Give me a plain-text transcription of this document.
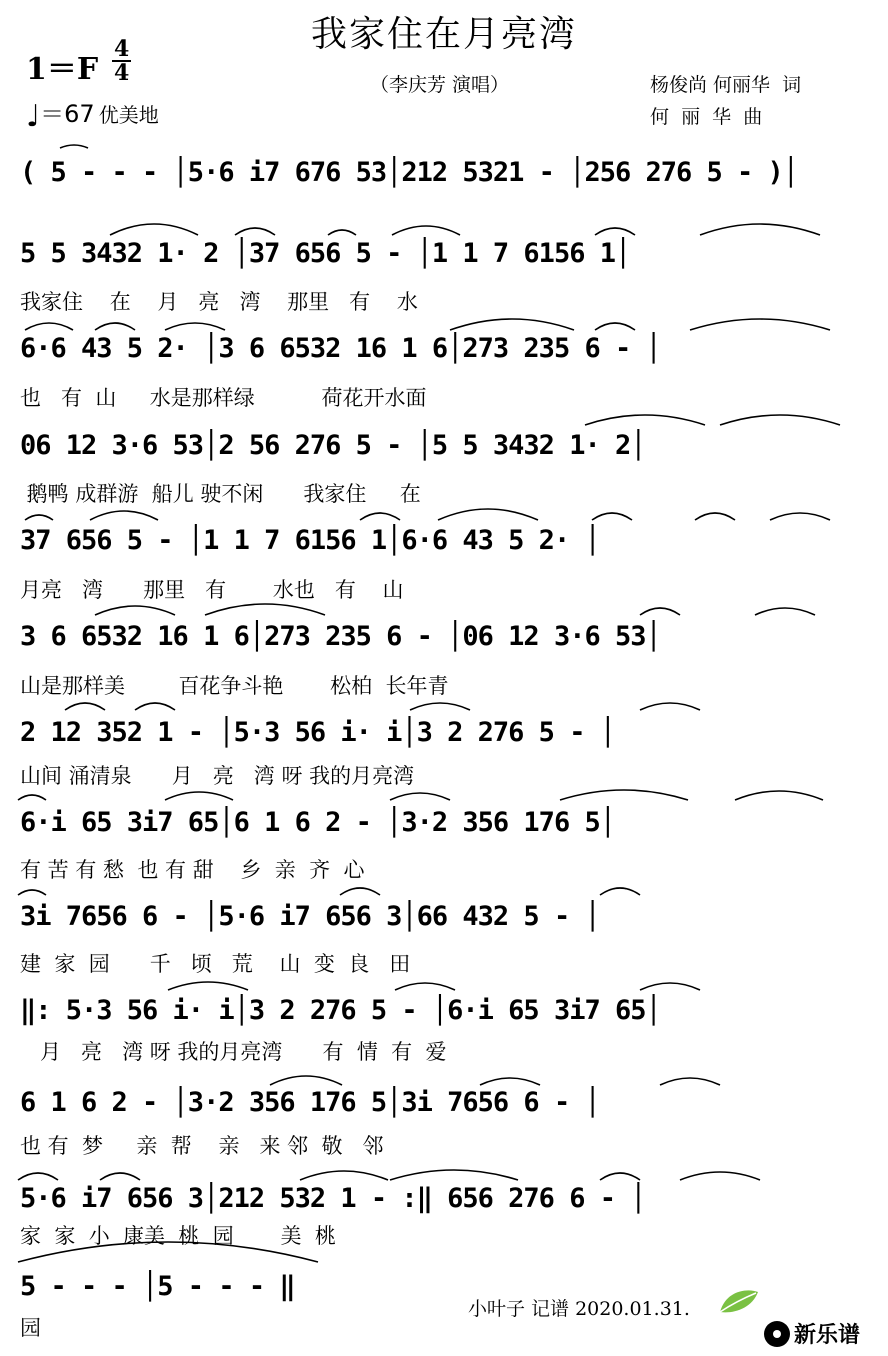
我家住在月亮湾
1＝F
4
4
♩＝67 优美地
（李庆芳 演唱）	杨俊尚 何丽华  词
何  丽  华  曲
( 5 - - - │5·6 i7 676 53│212 5321 - │256 276 5 - )│
5 5 3432 1· 2 │37 656 5 - │1 1 7 6156 1│
我家住    在    月   亮   湾    那里   有    水
6·6 43 5 2· │3 6 6532 16 1 6│273 235 6 - │
也   有  山     水是那样绿          荷花开水面
06 12 3·6 53│2 56 276 5 - │5 5 3432 1· 2│
鹅鸭 成群游  船儿 驶不闲      我家住     在
37 656 5 - │1 1 7 6156 1│6·6 43 5 2· │
月亮   湾      那里   有       水也   有    山
3 6 6532 16 1 6│273 235 6 - │06 12 3·6 53│
山是那样美        百花争斗艳       松柏  长年青
2 12 352 1 - │5·3 56 i· i│3 2 276 5 - │
山间 涌清泉      月   亮   湾 呀 我的月亮湾
6·i 65 3i7 65│6 1 6 2 - │3·2 356 176 5│
有 苦 有 愁  也 有 甜    乡  亲  齐  心
3i 7656 6 - │5·6 i7 656 3│66 432 5 - │
建  家  园      千   顷   荒    山  变  良   田
‖: 5·3 56 i· i│3 2 276 5 - │6·i 65 3i7 65│
月   亮   湾 呀 我的月亮湾      有  情  有  爱
6 1 6 2 - │3·2 356 176 5│3i 7656 6 - │
也 有  梦     亲  帮    亲   来 邻  敬   邻
5·6 i7 656 3│212 532 1 - :‖ 656 276 6 - │
家  家  小  康美  桃  园       美  桃
5 - - - │5 - - - ‖
园
小叶子 记谱 2020.01.31.
新乐谱
